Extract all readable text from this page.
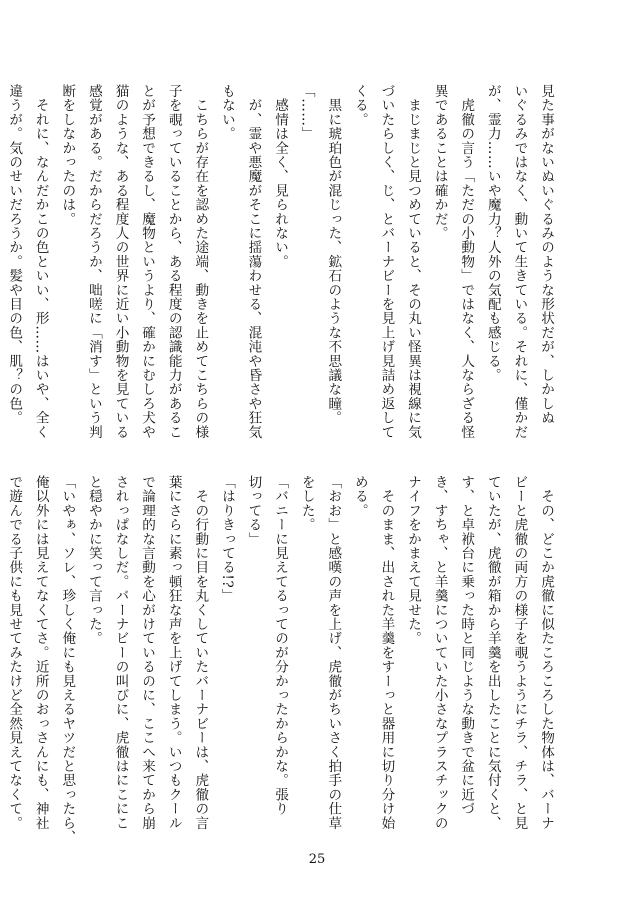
見た事がないぬいぐるみのような形状だが、しかしぬ
いぐるみではなく、動いて生きている。それに、僅かだ
が、霊力……いや魔力？人外の気配も感じる。
　虎徹の言う「ただの小動物」ではなく、人ならざる怪
異であることは確かだ。
　まじまじと見つめていると、その丸い怪異は視線に気
づいたらしく、じ、とバーナビーを見上げ見詰め返して
くる。
　黒に琥珀色が混じった、鉱石のような不思議な瞳。
「……」
　感情は全く、見られない。
　が、霊や悪魔がそこに揺蕩わせる、混沌や昏さや狂気
もない。
　こちらが存在を認めた途端、動きを止めてこちらの様
子を覗っていることから、ある程度の認識能力があるこ
とが予想できるし、魔物というより、確かにむしろ犬や
猫のような、ある程度人の世界に近い小動物を見ている
感覚がある。だからだろうか、咄嗟に「消す」という判
断をしなかったのは。
　それに、なんだかこの色といい、形……はいや、全く
違うが。気のせいだろうか。髪や目の色、肌？の色。
　その、どこか虎徹に似たころころした物体は、バーナ
ビーと虎徹の両方の様子を覗うようにチラ、チラ、と見
ていたが、虎徹が箱から羊羹を出したことに気付くと、
す、と卓袱台に乗った時と同じような動きで盆に近づ
き、すちゃ、と羊羹についていた小さなプラスチックの
ナイフをかまえて見せた。
　そのまま、出された羊羹をすーっと器用に切り分け始
める。
「おお」と感嘆の声を上げ、虎徹がちいさく拍手の仕草
をした。
「バニーに見えてるってのが分かったからかな。張り
切ってる」
「はりきってる!?」
　その行動に目を丸くしていたバーナビーは、虎徹の言
葉にさらに素っ頓狂な声を上げてしまう。いつもクール
で論理的な言動を心がけているのに、ここへ来てから崩
されっぱなしだ。バーナビーの叫びに、虎徹はにこにこ
と穏やかに笑って言った。
「いやぁ、ソレ、珍しく俺にも見えるヤツだと思ったら、
俺以外には見えてなくてさ。近所のおっさんにも、神社
で遊んでる子供にも見せてみたけど全然見えてなくて。
25
